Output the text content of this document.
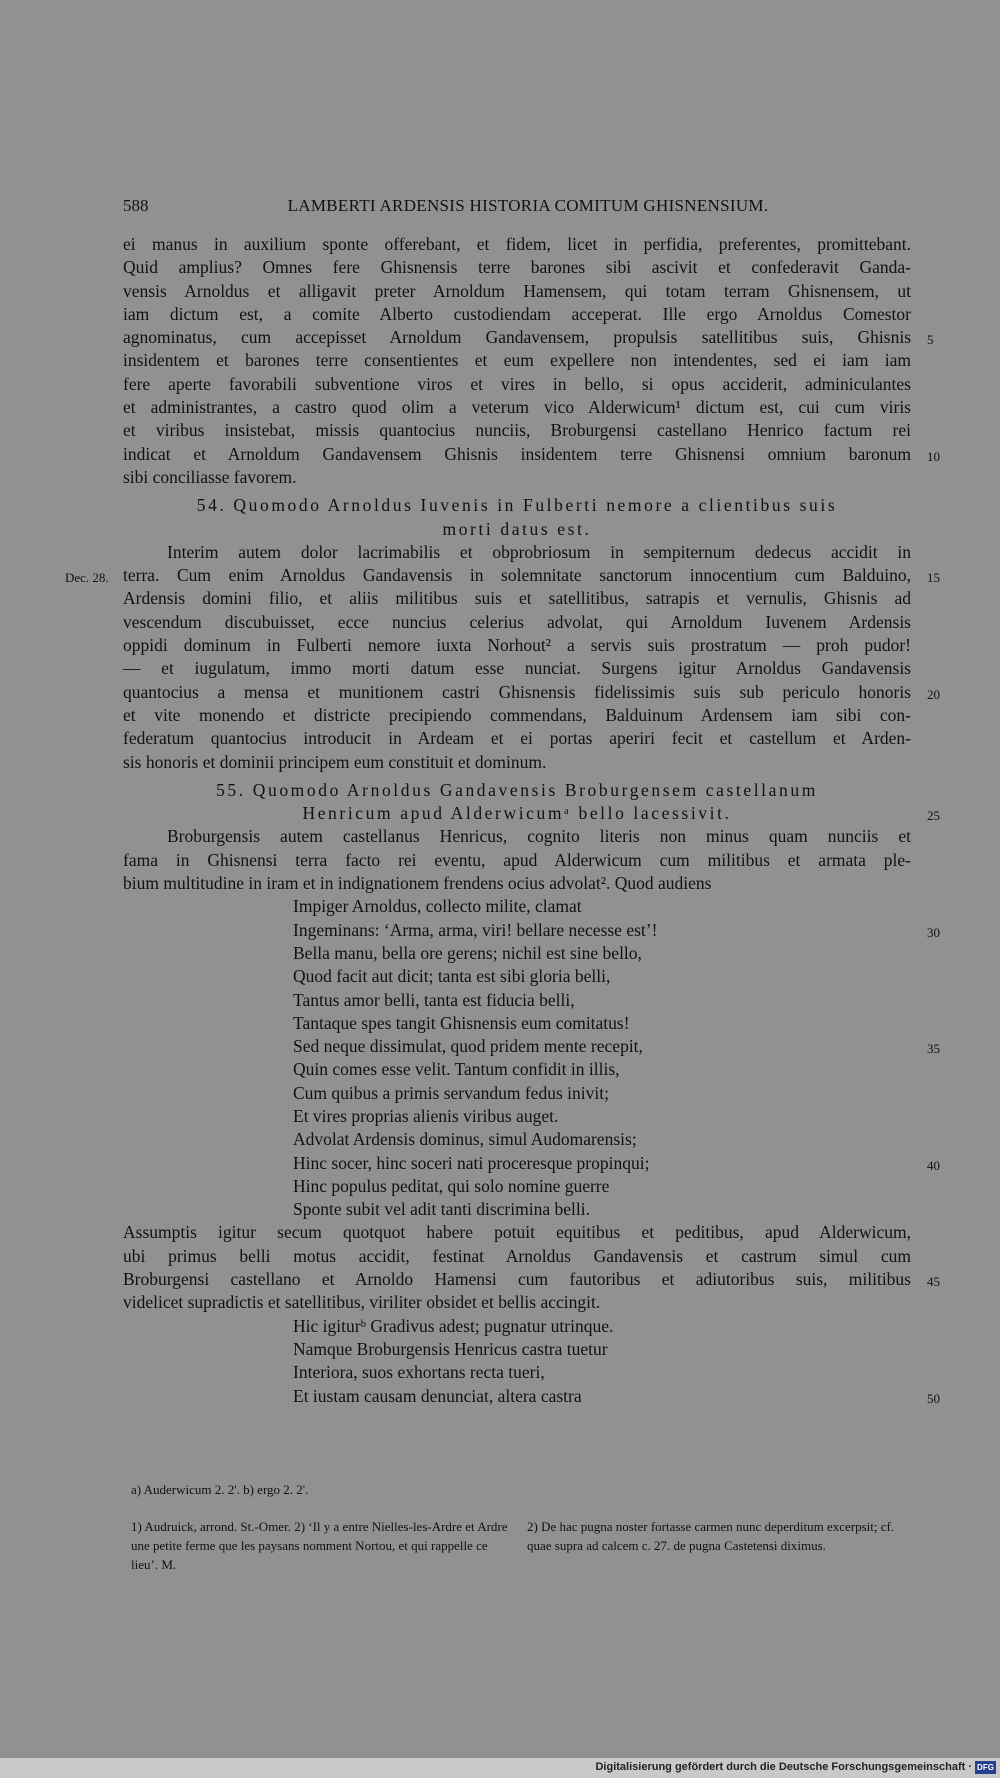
588	LAMBERTI ARDENSIS HISTORIA COMITUM GHISNENSIUM.
ei manus in auxilium sponte offerebant, et fidem, licet in perfidia, preferentes, promittebant.
Quid amplius? Omnes fere Ghisnensis terre barones sibi ascivit et confederavit Ganda-
vensis Arnoldus et alligavit preter Arnoldum Hamensem, qui totam terram Ghisnensem, ut
iam dictum est, a comite Alberto custodiendam acceperat. Ille ergo Arnoldus Comestor
agnominatus, cum accepisset Arnoldum Gandavensem, propulsis satellitibus suis, Ghisnis 5
insidentem et barones terre consentientes et eum expellere non intendentes, sed ei iam iam
fere aperte favorabili subventione viros et vires in bello, si opus acciderit, adminiculantes
et administrantes, a castro quod olim a veterum vico Alderwicum¹ dictum est, cui cum viris
et viribus insistebat, missis quantocius nunciis, Broburgensi castellano Henrico factum rei
indicat et Arnoldum Gandavensem Ghisnis insidentem terre Ghisnensi omnium baronum 10
sibi conciliasse favorem.
54. Quomodo Arnoldus Iuvenis in Fulberti nemore a clientibus suis
morti datus est.
Interim autem dolor lacrimabilis et obprobriosum in sempiternum dedecus accidit in
terra. Cum enim Arnoldus Gandavensis in solemnitate sanctorum innocentium cum Balduino, 15
Dec. 28.
Ardensis domini filio, et aliis militibus suis et satellitibus, satrapis et vernulis, Ghisnis ad
vescendum discubuisset, ecce nuncius celerius advolat, qui Arnoldum Iuvenem Ardensis
oppidi dominum in Fulberti nemore iuxta Norhout² a servis suis prostratum — proh pudor!
— et iugulatum, immo morti datum esse nunciat. Surgens igitur Arnoldus Gandavensis
quantocius a mensa et munitionem castri Ghisnensis fidelissimis suis sub periculo honoris 20
et vite monendo et districte precipiendo commendans, Balduinum Ardensem iam sibi con-
federatum quantocius introducit in Ardeam et ei portas aperiri fecit et castellum et Arden-
sis honoris et dominii principem eum constituit et dominum.
55. Quomodo Arnoldus Gandavensis Broburgensem castellanum
Henricum apud Alderwicumᵃ bello lacessivit.	25
Broburgensis autem castellanus Henricus, cognito literis non minus quam nunciis et
fama in Ghisnensi terra facto rei eventu, apud Alderwicum cum militibus et armata ple-
bium multitudine in iram et in indignationem frendens ocius advolat². Quod audiens
Impiger Arnoldus, collecto milite, clamat
Ingeminans: ‘Arma, arma, viri! bellare necesse est’!	30
Bella manu, bella ore gerens; nichil est sine bello,
Quod facit aut dicit; tanta est sibi gloria belli,
Tantus amor belli, tanta est fiducia belli,
Tantaque spes tangit Ghisnensis eum comitatus!
Sed neque dissimulat, quod pridem mente recepit,	35
Quin comes esse velit. Tantum confidit in illis,
Cum quibus a primis servandum fedus inivit;
Et vires proprias alienis viribus auget.
Advolat Ardensis dominus, simul Audomarensis;
Hinc socer, hinc soceri nati proceresque propinqui;	40
Hinc populus peditat, qui solo nomine guerre
Sponte subit vel adit tanti discrimina belli.
Assumptis igitur secum quotquot habere potuit equitibus et peditibus, apud Alderwicum,
ubi primus belli motus accidit, festinat Arnoldus Gandavensis et castrum simul cum
Broburgensi castellano et Arnoldo Hamensi cum fautoribus et adiutoribus suis, militibus 45
videlicet supradictis et satellitibus, viriliter obsidet et bellis accingit.
Hic igiturᵇ Gradivus adest; pugnatur utrinque.
Namque Broburgensis Henricus castra tuetur
Interiora, suos exhortans recta tueri,
Et iustam causam denunciat, altera castra	50
a) Auderwicum 2. 2'. b) ergo 2. 2'.
1) Audruick, arrond. St.-Omer. 2) ‘Il y a entre Nielles-les-Ardre et Ardre une petite ferme que les paysans nomment Nortou, et qui rappelle ce lieu’. M.
2) De hac pugna noster fortasse carmen nunc deperditum excerpsit; cf. quae supra ad calcem c. 27. de pugna Castetensi diximus.
Digitalisierung gefördert durch die Deutsche Forschungsgemeinschaft · DFG
